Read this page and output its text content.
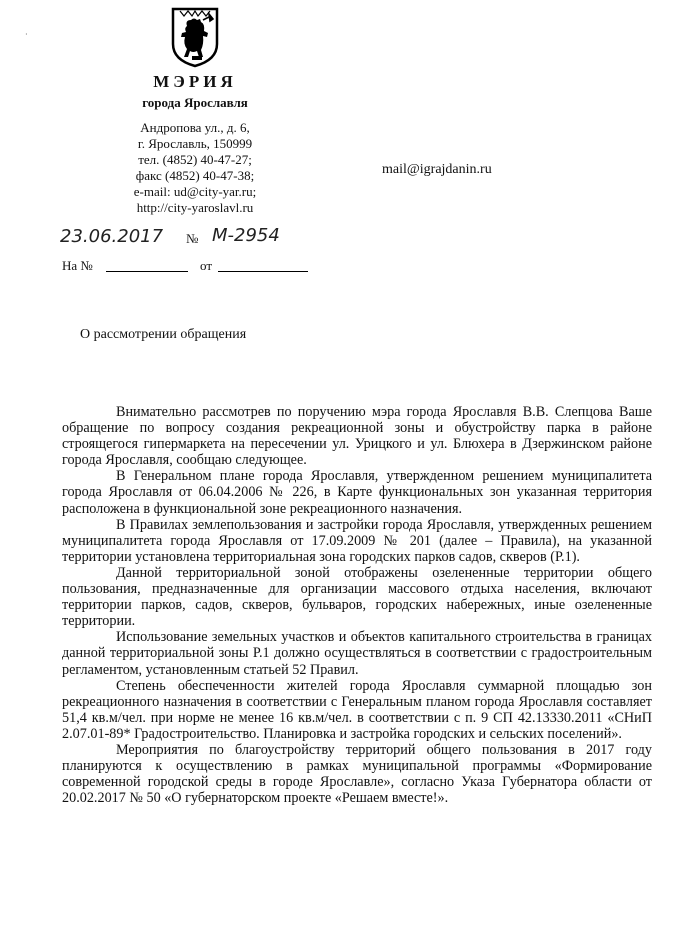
·
МЭРИЯ
города Ярославля
Андропова ул., д. 6,
г. Ярославль, 150999
тел. (4852) 40-47-27;
факс (4852) 40-47-38;
e-mail: ud@city-yar.ru;
http://city-yaroslavl.ru
mail@igrajdanin.ru
23.06.2017 № М-2954
На №	от
О рассмотрении обращения

Внимательно рассмотрев по поручению мэра города Ярославля В.В. Слепцова Ваше обращение по вопросу создания рекреационной зоны и обустройству парка в районе строящегося гипермаркета на пересечении ул. Урицкого и ул. Блюхера в Дзержинском районе города Ярославля, сообщаю следующее.

В Генеральном плане города Ярославля, утвержденном решением муниципалитета города Ярославля от 06.04.2006 № 226, в Карте функциональных зон указанная территория расположена в функциональной зоне рекреационного назначения.

В Правилах землепользования и застройки города Ярославля, утвержденных решением муниципалитета города Ярославля от 17.09.2009 № 201 (далее – Правила), на указанной территории установлена территориальная зона городских парков садов, скверов (Р.1).

Данной территориальной зоной отображены озелененные территории общего пользования, предназначенные для организации массового отдыха населения, включают территории парков, садов, скверов, бульваров, городских набережных, иные озелененные территории.

Использование земельных участков и объектов капитального строительства в границах данной территориальной зоны Р.1 должно осуществляться в соответствии с градостроительным регламентом, установленным статьей 52 Правил.

Степень обеспеченности жителей города Ярославля суммарной площадью зон рекреационного назначения в соответствии с Генеральным планом города Ярославля составляет 51,4 кв.м/чел. при норме не менее 16 кв.м/чел. в соответствии с п. 9 СП 42.13330.2011 «СНиП 2.07.01-89* Градостроительство. Планировка и застройка городских и сельских поселений».

Мероприятия по благоустройству территорий общего пользования в 2017 году планируются к осуществлению в рамках муниципальной программы «Формирование современной городской среды в городе Ярославле», согласно Указа Губернатора области от 20.02.2017 № 50 «О губернаторском проекте «Решаем вместе!».
